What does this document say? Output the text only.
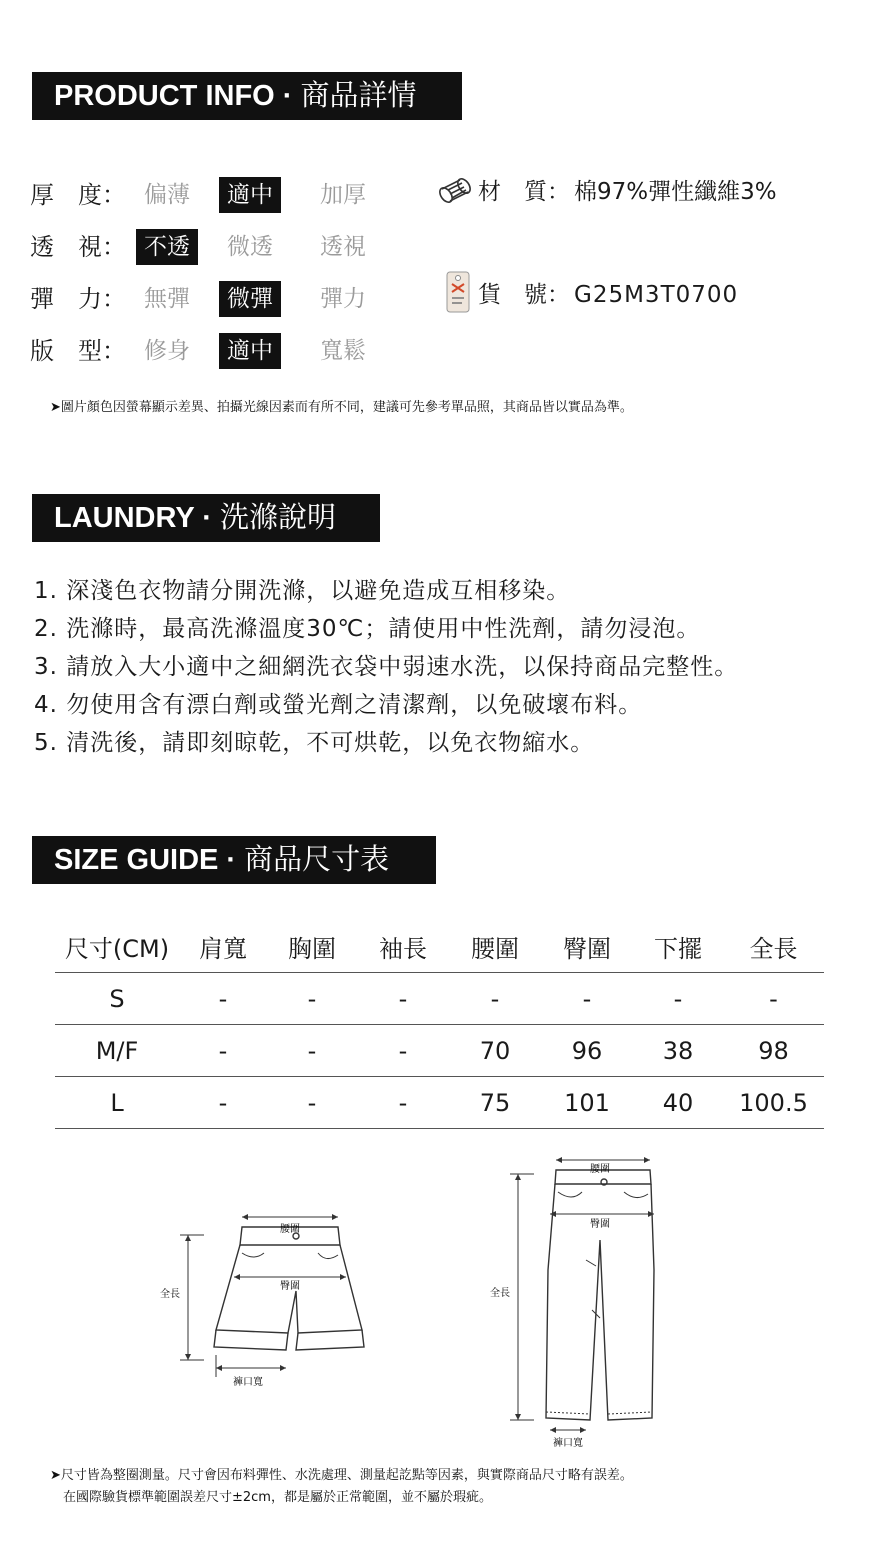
PRODUCT INFO · 商品詳情
厚　度： 偏薄	適中	加厚
透　視： 不透	微透	透視
彈　力： 無彈	微彈	彈力
版　型： 修身	適中	寬鬆
材　質： 棉97%彈性纖維3%
貨　號： G25M3T0700
➤圖片顏色因螢幕顯示差異、拍攝光線因素而有所不同，建議可先參考單品照，其商品皆以實品為準。
LAUNDRY · 洗滌說明
1. 深淺色衣物請分開洗滌，以避免造成互相移染。
2. 洗滌時，最高洗滌溫度30℃；請使用中性洗劑，請勿浸泡。
3. 請放入大小適中之細網洗衣袋中弱速水洗，以保持商品完整性。
4. 勿使用含有漂白劑或螢光劑之清潔劑，以免破壞布料。
5. 清洗後，請即刻晾乾，不可烘乾，以免衣物縮水。
SIZE GUIDE · 商品尺寸表
尺寸(CM)	肩寬	胸圍	袖長	腰圍	臀圍	下擺	全長
S	-	-	-	-	-	-	-
M/F	-	-	-	70	96	38	98
L	-	-	-	75	101	40	100.5
腰圍
臀圍
全長
褲口寬
腰圍
臀圍
全長
褲口寬
➤尺寸皆為整圈測量。尺寸會因布料彈性、水洗處理、測量起訖點等因素，與實際商品尺寸略有誤差。
　在國際驗貨標準範圍誤差尺寸±2cm，都是屬於正常範圍，並不屬於瑕疵。
